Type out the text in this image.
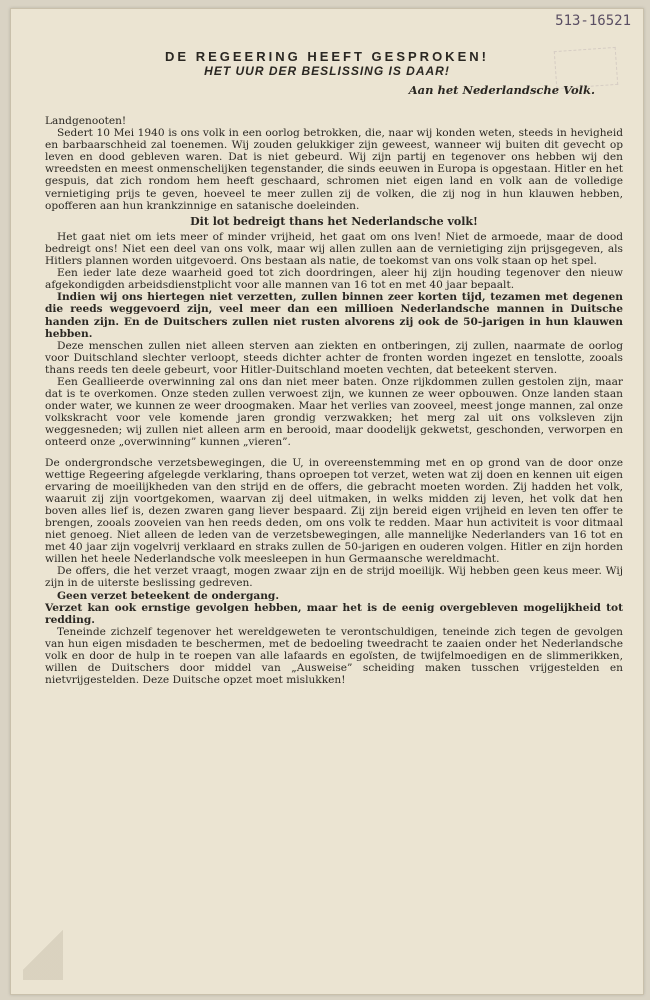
513-16521
DE REGEERING HEEFT GESPROKEN!
HET UUR DER BESLISSING IS DAAR!
Aan het Nederlandsche Volk.

Landgenooten!

Sedert 10 Mei 1940 is ons volk in een oorlog betrokken, die, naar wij konden weten, steeds in hevigheid en barbaarschheid zal toenemen. Wij zouden gelukkiger zijn geweest, wanneer wij buiten dit gevecht op leven en dood gebleven waren. Dat is niet gebeurd. Wij zijn partij en tegenover ons hebben wij den wreedsten en meest onmenschelijken tegenstander, die sinds eeuwen in Europa is opgestaan. Hitler en het gespuis, dat zich rondom hem heeft geschaard, schromen niet eigen land en volk aan de volledige vernietiging prijs te geven, hoeveel te meer zullen zij de volken, die zij nog in hun klauwen hebben, opofferen aan hun krankzinnige en satanische doeleinden.

Dit lot bedreigt thans het Nederlandsche volk!

Het gaat niet om iets meer of minder vrijheid, het gaat om ons lven! Niet de armoede, maar de dood bedreigt ons! Niet een deel van ons volk, maar wij allen zullen aan de vernietiging zijn prijsgegeven, als Hitlers plannen worden uitgevoerd. Ons bestaan als natie, de toekomst van ons volk staan op het spel.

Een ieder late deze waarheid goed tot zich doordringen, aleer hij zijn houding tegenover den nieuw afgekondigden arbeidsdienstplicht voor alle mannen van 16 tot en met 40 jaar bepaalt.

Indien wij ons hiertegen niet verzetten, zullen binnen zeer korten tijd, tezamen met degenen die reeds weggevoerd zijn, veel meer dan een millioen Nederlandsche mannen in Duitsche handen zijn. En de Duitschers zullen niet rusten alvorens zij ook de 50-jarigen in hun klauwen hebben.

Deze menschen zullen niet alleen sterven aan ziekten en ontberingen, zij zullen, naarmate de oorlog voor Duitschland slechter verloopt, steeds dichter achter de fronten worden ingezet en tenslotte, zooals thans reeds ten deele gebeurt, voor Hitler-Duitschland moeten vechten, dat beteekent sterven.

Een Geallieerde overwinning zal ons dan niet meer baten. Onze rijkdommen zullen gestolen zijn, maar dat is te overkomen. Onze steden zullen verwoest zijn, we kunnen ze weer opbouwen. Onze landen staan onder water, we kunnen ze weer droogmaken. Maar het verlies van zooveel, meest jonge mannen, zal onze volkskracht voor vele komende jaren grondig verzwakken; het merg zal uit ons volksleven zijn weggesneden; wij zullen niet alleen arm en berooid, maar doodelijk gekwetst, geschonden, verworpen en onteerd onze „overwinning” kunnen „vieren”.

De ondergrondsche verzetsbewegingen, die U, in overeenstemming met en op grond van de door onze wettige Regeering afgelegde verklaring, thans oproepen tot verzet, weten wat zij doen en kennen uit eigen ervaring de moeilijkheden van den strijd en de offers, die gebracht moeten worden. Zij hadden het volk, waaruit zij zijn voortgekomen, waarvan zij deel uitmaken, in welks midden zij leven, het volk dat hen boven alles lief is, dezen zwaren gang liever bespaard. Zij zijn bereid eigen vrijheid en leven ten offer te brengen, zooals zooveien van hen reeds deden, om ons volk te redden. Maar hun activiteit is voor ditmaal niet genoeg. Niet alleen de leden van de verzetsbewegingen, alle mannelijke Nederlanders van 16 tot en met 40 jaar zijn vogelvrij verklaard en straks zullen de 50-jarigen en ouderen volgen. Hitler en zijn horden willen het heele Nederlandsche volk meesleepen in hun Germaansche wereldmacht.

De offers, die het verzet vraagt, mogen zwaar zijn en de strijd moeilijk. Wij hebben geen keus meer. Wij zijn in de uiterste beslissing gedreven.

Geen verzet beteekent de ondergang.

Verzet kan ook ernstige gevolgen hebben, maar het is de eenig overgebleven mogelijkheid tot redding.

Teneinde zichzelf tegenover het wereldgeweten te verontschuldigen, teneinde zich tegen de gevolgen van hun eigen misdaden te beschermen, met de bedoeling tweedracht te zaaien onder het Nederlandsche volk en door de hulp in te roepen van alle lafaards en egoïsten, de twijfelmoedigen en de slimmerikken, willen de Duitschers door middel van „Ausweise” scheiding maken tusschen vrijgestelden en nietvrijgestelden. Deze Duitsche opzet moet mislukken!
